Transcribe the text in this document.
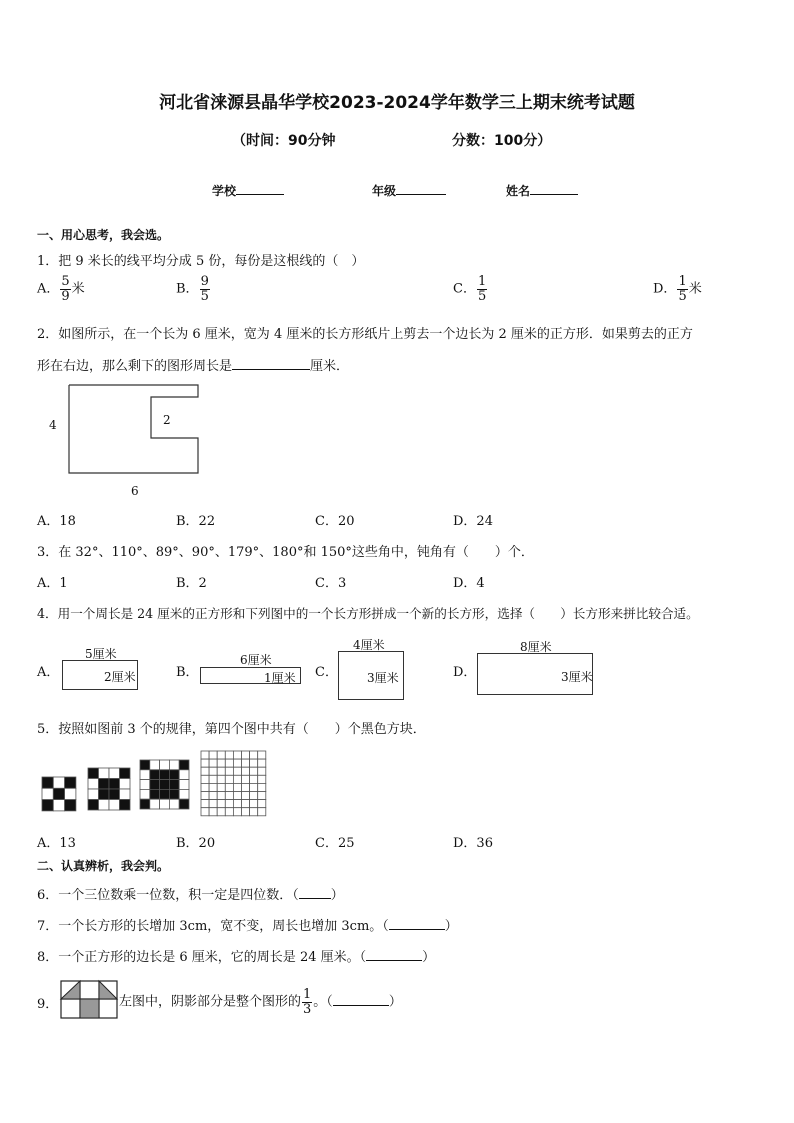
河北省涞源县晶华学校2023-2024学年数学三上期末统考试题
（时间：90分钟	分数：100分）
学校	年级	姓名
一、用心思考，我会选。
1．把 9 米长的线平均分成 5 份，每份是这根线的（　）
A． $\frac{5}{9}$ 米	B． $\frac{9}{5}$	C． $\frac{1}{5}$	D． $\frac{1}{5}$ 米
2．如图所示，在一个长为 6 厘米，宽为 4 厘米的长方形纸片上剪去一个边长为 2 厘米的正方形．如果剪去的正方
形在右边，那么剩下的图形周长是	厘米．
4
6
2
A．18	B．22	C．20	D．24
3．在 32°、110°、89°、90°、179°、180°和 150°这些角中，钝角有（　　）个．
A．1	B．2	C．3	D．4
4．用一个周长是 24 厘米的正方形和下列图中的一个长方形拼成一个新的长方形，选择（　　）长方形来拼比较合适。
A．
5厘米
2厘米	B．
6厘米
1厘米 C．
4厘米
3厘米	D．
8厘米
3厘米
5．按照如图前 3 个的规律，第四个图中共有（　　）个黑色方块．
A．13	B．20	C．25	D．36
二、认真辨析，我会判。
6．一个三位数乘一位数，积一定是四位数．（ ）
7．一个长方形的长增加 3cm，宽不变，周长也增加 3cm。（	）
8．一个正方形的边长是 6 厘米，它的周长是 24 厘米。（	）
9．	左图中，阴影部分是整个图形的 $\frac{1}{3}$ 。（	）
